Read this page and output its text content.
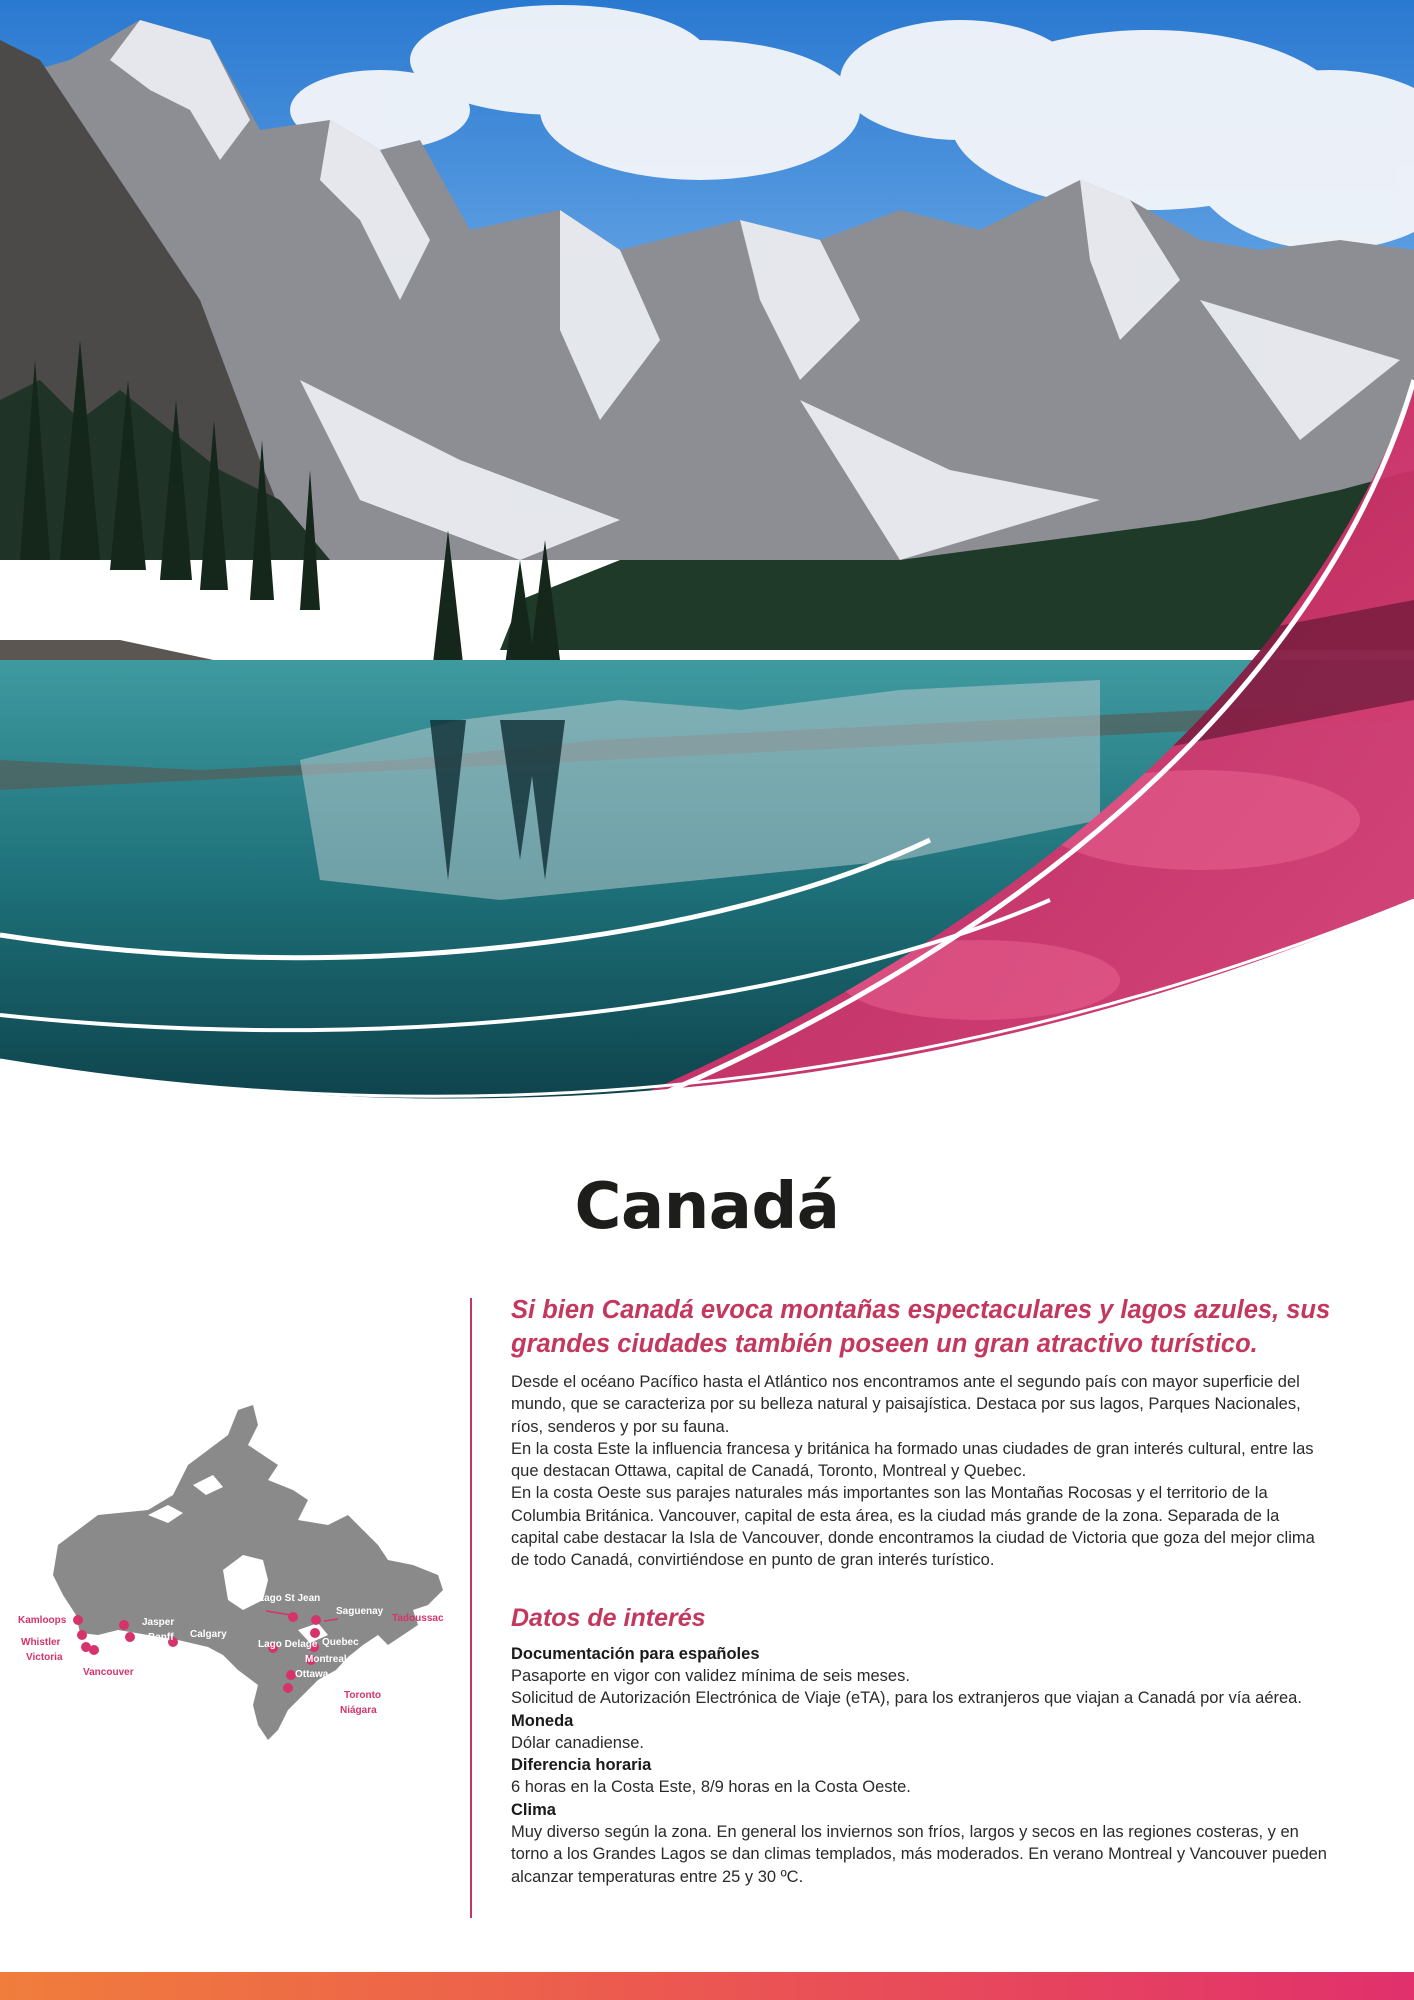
Canadá
Kamloops
Whistler
Victoria
Vancouver
Jasper
Banff Calgary
Lago St Jean
Saguenay
Quebec
Lago Delage
Montreal
Ottawa
Tadoussac
Toronto
Niágara

Si bien Canadá evoca montañas espectaculares y lagos azules, sus grandes ciudades también poseen un gran atractivo turístico.

Desde el océano Pacífico hasta el Atlántico nos encontramos ante el segundo país con mayor superficie del mundo, que se caracteriza por su belleza natural y paisajística. Destaca por sus lagos, Parques Nacionales, ríos, senderos y por su fauna.

En la costa Este la influencia francesa y británica ha formado unas ciudades de gran interés cultural, entre las que destacan Ottawa, capital de Canadá, Toronto, Montreal y Quebec.

En la costa Oeste sus parajes naturales más importantes son las Montañas Rocosas y el territorio de la Columbia Británica. Vancouver, capital de esta área, es la ciudad más grande de la zona. Separada de la capital cabe destacar la Isla de Vancouver, donde encontramos la ciudad de Victoria que goza del mejor clima de todo Canadá, convirtiéndose en punto de gran interés turístico.

Datos de interés
Documentación para españoles
Pasaporte en vigor con validez mínima de seis meses.
Solicitud de Autorización Electrónica de Viaje (eTA), para los extranjeros que viajan a Canadá por vía aérea.
Moneda
Dólar canadiense.
Diferencia horaria
6 horas en la Costa Este, 8/9 horas en la Costa Oeste.
Clima
Muy diverso según la zona. En general los inviernos son fríos, largos y secos en las regiones costeras, y en torno a los Grandes Lagos se dan climas templados, más moderados. En verano Montreal y Vancouver pueden alcanzar temperaturas entre 25 y 30 ºC.
